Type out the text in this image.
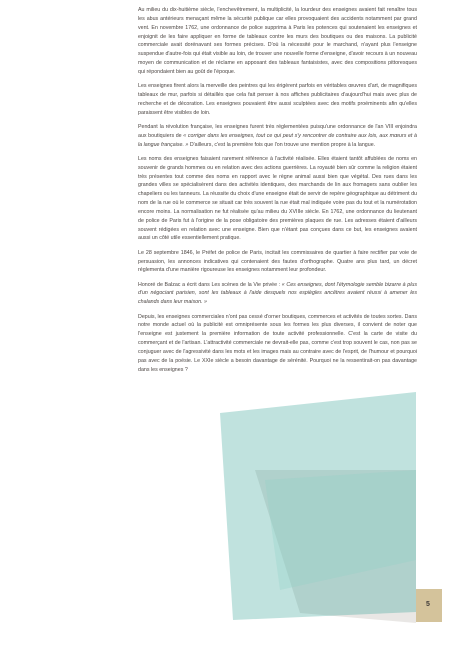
Au milieu du dix-huitième siècle, l'enchevêtrement, la multiplicité, la lourdeur des enseignes avaient fait renaître tous les abus antérieurs menaçant même la sécurité publique car elles provoquaient des accidents notamment par grand vent. En novembre 1762, une ordonnance de police supprima à Paris les potences qui soutenaient les enseignes et enjoignit de les faire appliquer en forme de tableaux contre les murs des boutiques ou des maisons. La publicité commerciale avait dorénavant ses formes précises. D'où la nécessité pour le marchand, n'ayant plus l'enseigne suspendue d'autre-fois qui était visible au loin, de trouver une nouvelle forme d'enseigne, d'avoir recours à un nouveau moyen de communication et de réclame en apposant des tableaux fantaisistes, avec des compositions pittoresques qui répondaient bien au goût de l'époque.

Les enseignes firent alors la merveille des peintres qui les érigèrent parfois en véritables œuvres d'art, de magnifiques tableaux de mur, parfois si détaillés que cela fait penser à nos affiches publicitaires d'aujourd'hui mais avec plus de recherche et de décoration. Les enseignes pouvaient être aussi sculptées avec des motifs proéminents afin qu'elles paraissent être visibles de loin.

Pendant la révolution française, les enseignes furent très réglementées puisqu'une ordonnance de l'an VIII enjoindra aux boutiquiers de « corriger dans les enseignes, tout ce qui peut s'y rencontrer de contraire aux lois, aux mœurs et à la langue française. » D'ailleurs, c'est la première fois que l'on trouve une mention propre à la langue.

Les noms des enseignes faisaient rarement référence à l'activité réalisée. Elles étaient tantôt affublées de noms en souvenir de grands hommes ou en relation avec des actions guerrières. La royauté bien sûr comme la religion étaient très présentes tout comme des noms en rapport avec le règne animal aussi bien que végétal. Des rues dans les grandes villes se spécialisèrent dans des activités identiques, des marchands de lin aux fromagers sans oublier les chapeliers ou les tanneurs. La réussite du choix d'une enseigne était de servir de repère géographique au détriment du nom de la rue où le commerce se situait car très souvent la rue était mal indiquée voire pas du tout et la numérotation encore moins. La normalisation ne fut réalisée qu'au milieu du XVIIIe siècle. En 1762, une ordonnance du lieutenant de police de Paris fut à l'origine de la pose obligatoire des premières plaques de rue. Les adresses étaient d'ailleurs souvent rédigées en relation avec une enseigne. Bien que n'étant pas conçues dans ce but, les enseignes avaient aussi un côté utile essentiellement pratique.

Le 28 septembre 1846, le Préfet de police de Paris, incitait les commissaires de quartier à faire rectifier par voie de persuasion, les annonces indicatives qui contenaient des fautes d'orthographe. Quatre ans plus tard, un décret réglementa d'une manière rigoureuse les enseignes notamment leur profondeur.

Honoré de Balzac a écrit dans Les scènes de la Vie privée : « Ces enseignes, dont l'étymologie semble bizarre à plus d'un négociant parisien, sont les tableaux à l'aide desquels nos espiègles ancêtres avaient réussi à amener les chalands dans leur maison. »

Depuis, les enseignes commerciales n'ont pas cessé d'orner boutiques, commerces et activités de toutes sortes. Dans notre monde actuel où la publicité est omniprésente sous les formes les plus diverses, il convient de noter que l'enseigne est justement la première information de toute activité professionnelle. C'est la carte de visite du commerçant et de l'artisan. L'attractivité commerciale ne devrait-elle pas, comme c'est trop souvent le cas, non pas se conjuguer avec de l'agressivité dans les mots et les images mais au contraire avec de l'esprit, de l'humour et pourquoi pas avec de la poésie. Le XXIe siècle a besoin davantage de sérénité. Pourquoi ne la ressentirait-on pas davantage dans les enseignes ?

5
